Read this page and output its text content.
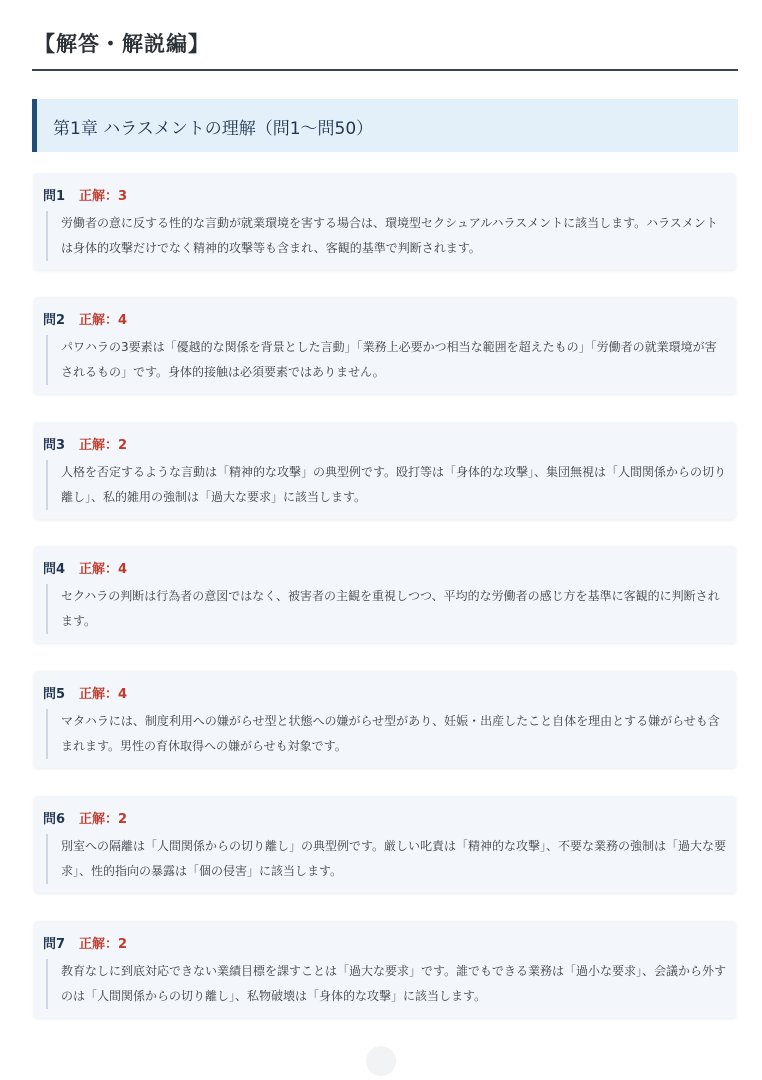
【解答・解説編】
第1章 ハラスメントの理解（問1〜問50）
問1 正解：3
労働者の意に反する性的な言動が就業環境を害する場合は、環境型セクシュアルハラスメントに該当します。ハラスメントは身体的攻撃だけでなく精神的攻撃等も含まれ、客観的基準で判断されます。
問2 正解：4
パワハラの3要素は「優越的な関係を背景とした言動」「業務上必要かつ相当な範囲を超えたもの」「労働者の就業環境が害されるもの」です。身体的接触は必須要素ではありません。
問3 正解：2
人格を否定するような言動は「精神的な攻撃」の典型例です。殴打等は「身体的な攻撃」、集団無視は「人間関係からの切り離し」、私的雑用の強制は「過大な要求」に該当します。
問4 正解：4
セクハラの判断は行為者の意図ではなく、被害者の主観を重視しつつ、平均的な労働者の感じ方を基準に客観的に判断されます。
問5 正解：4
マタハラには、制度利用への嫌がらせ型と状態への嫌がらせ型があり、妊娠・出産したこと自体を理由とする嫌がらせも含まれます。男性の育休取得への嫌がらせも対象です。
問6 正解：2
別室への隔離は「人間関係からの切り離し」の典型例です。厳しい叱責は「精神的な攻撃」、不要な業務の強制は「過大な要求」、性的指向の暴露は「個の侵害」に該当します。
問7 正解：2
教育なしに到底対応できない業績目標を課すことは「過大な要求」です。誰でもできる業務は「過小な要求」、会議から外すのは「人間関係からの切り離し」、私物破壊は「身体的な攻撃」に該当します。
